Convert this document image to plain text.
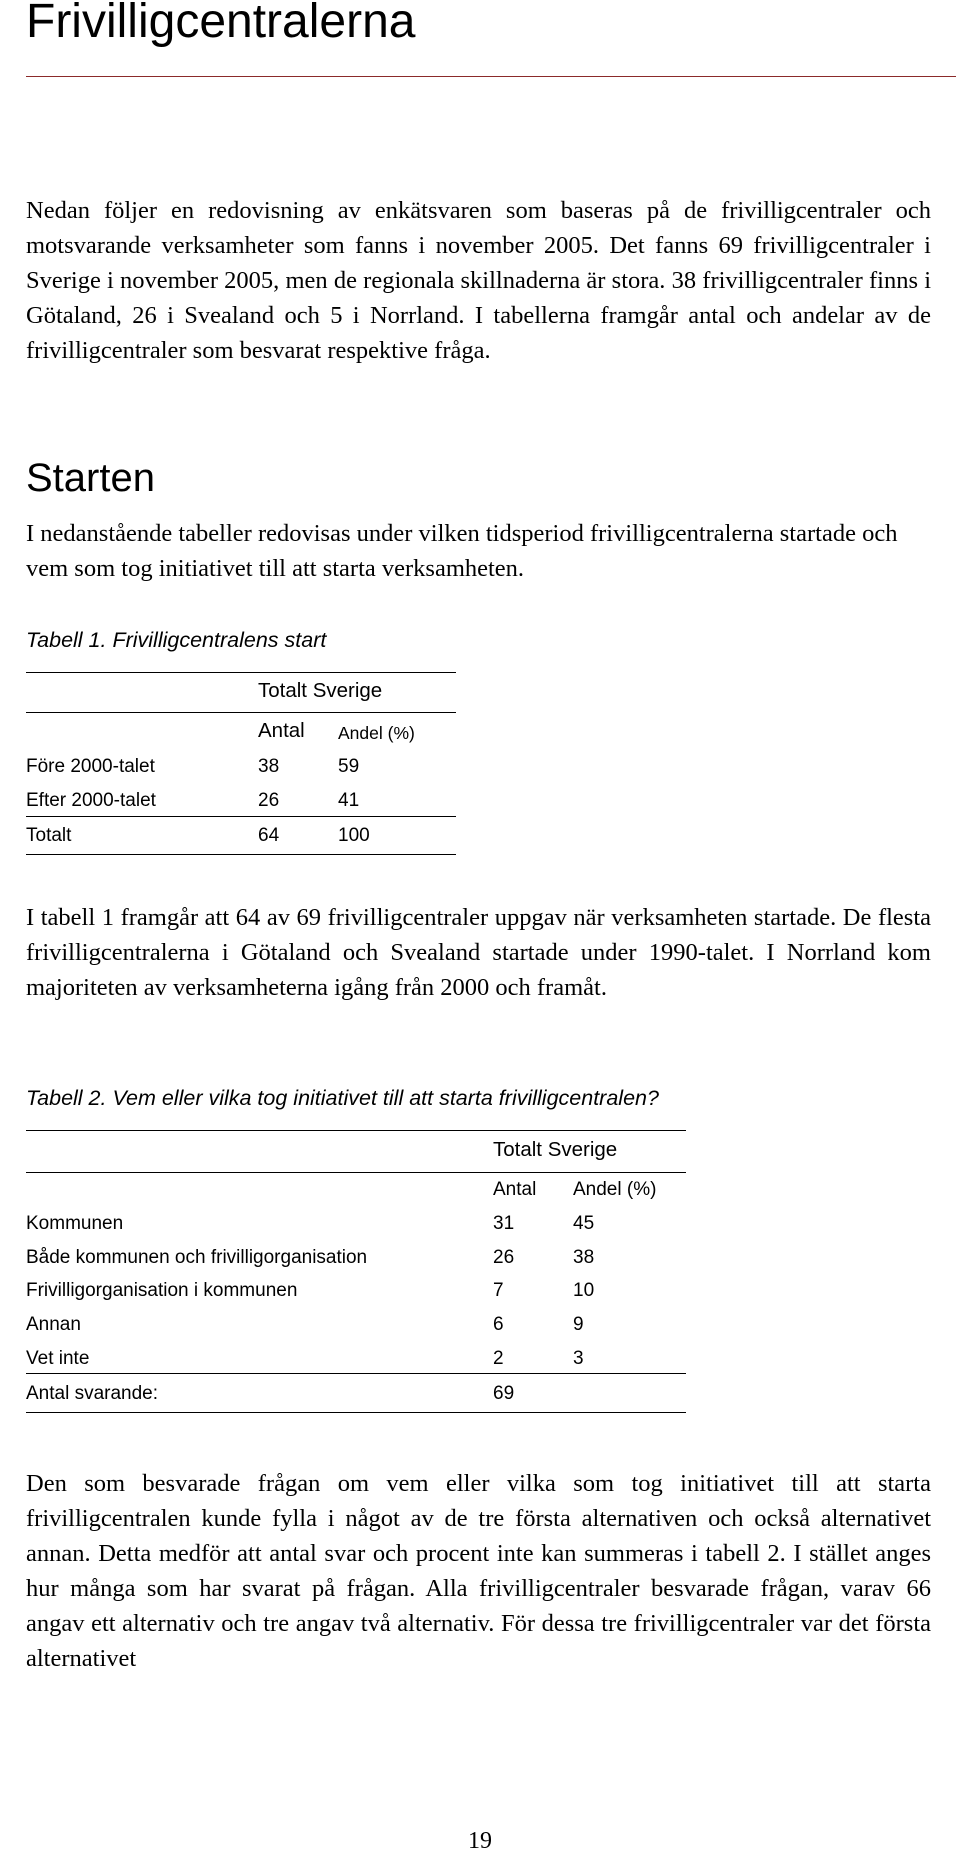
Frivilligcentralerna

Nedan följer en redovisning av enkätsvaren som baseras på de frivilligcentraler och motsvarande verksamheter som fanns i november 2005. Det fanns 69 frivilligcentraler i Sverige i november 2005, men de regionala skillnaderna är stora. 38 frivilligcentraler finns i Götaland, 26 i Svealand och 5 i Norrland. I tabellerna framgår antal och andelar av de frivilligcentraler som besvarat respektive fråga.

Starten

I nedanstående tabeller redovisas under vilken tidsperiod frivilligcentralerna startade och vem som tog initiativet till att starta verksamheten.

Tabell 1. Frivilligcentralens start

Totalt Sverige
Antal Andel (%)
Före 2000-talet	38	59
Efter 2000-talet	26	41
Totalt	64	100

I tabell 1 framgår att 64 av 69 frivilligcentraler uppgav när verksamheten startade. De flesta frivilligcentralerna i Götaland och Svealand startade under 1990-talet. I Norrland kom majoriteten av verksamheterna igång från 2000 och framåt.

Tabell 2. Vem eller vilka tog initiativet till att starta frivilligcentralen?

Totalt Sverige
Antal Andel (%)
Kommunen	31	45
Både kommunen och frivilligorganisation	26	38
Frivilligorganisation i kommunen	7	10
Annan	6	9
Vet inte	2	3
Antal svarande:	69

Den som besvarade frågan om vem eller vilka som tog initiativet till att starta frivilligcentralen kunde fylla i något av de tre första alternativen och också alternativet annan. Detta medför att antal svar och procent inte kan summeras i tabell 2. I stället anges hur många som har svarat på frågan. Alla frivilligcentraler besvarade frågan, varav 66 angav ett alternativ och tre angav två alternativ. För dessa tre frivilligcentraler var det första alternativet

19
